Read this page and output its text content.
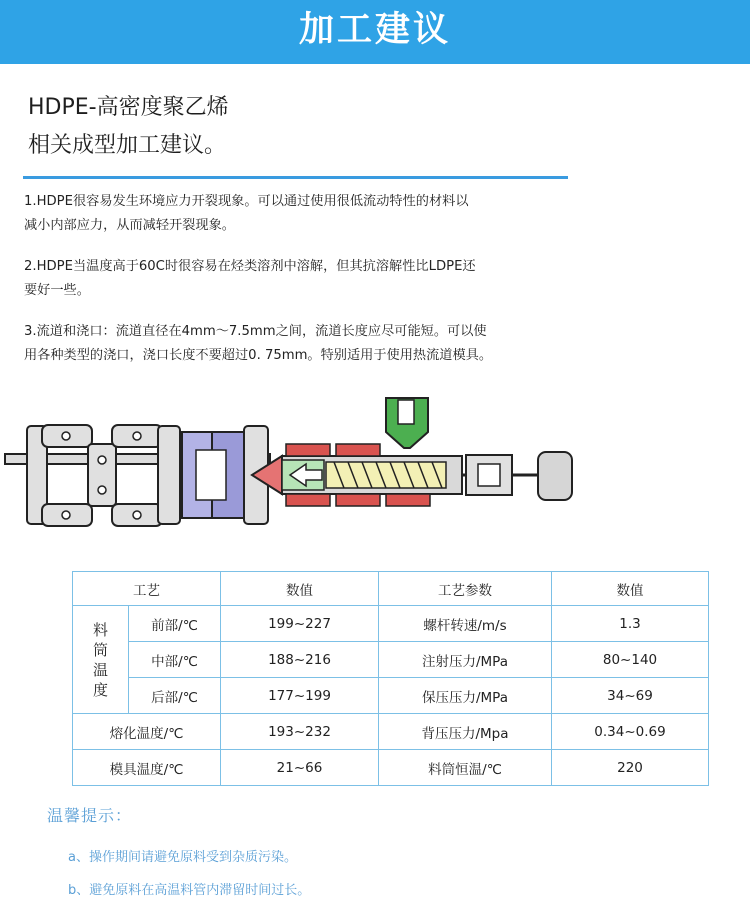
加工建议
HDPE-高密度聚乙烯
相关成型加工建议。
1.HDPE很容易发生环境应力开裂现象。可以通过使用很低流动特性的材料以
减小内部应力，从而减轻开裂现象。
2.HDPE当温度高于60C时很容易在烃类溶剂中溶解，但其抗溶解性比LDPE还
要好一些。
3.流道和浇口：流道直径在4mm～7.5mm之间，流道长度应尽可能短。可以使
用各种类型的浇口，浇口长度不要超过0. 75mm。特别适用于使用热流道模具。
工艺		数值	工艺参数	数值

料筒温度	前部/℃	199~227	螺杆转速/m/s	1.3
	中部/℃	188~216	注射压力/MPa	80~140
	后部/℃	177~199	保压压力/MPa	34~69
熔化温度/℃		193~232	背压压力/Mpa	0.34~0.69
模具温度/℃		21~66	料筒恒温/℃	220
温馨提示：
a、操作期间请避免原料受到杂质污染。
b、避免原料在高温料管内滞留时间过长。
